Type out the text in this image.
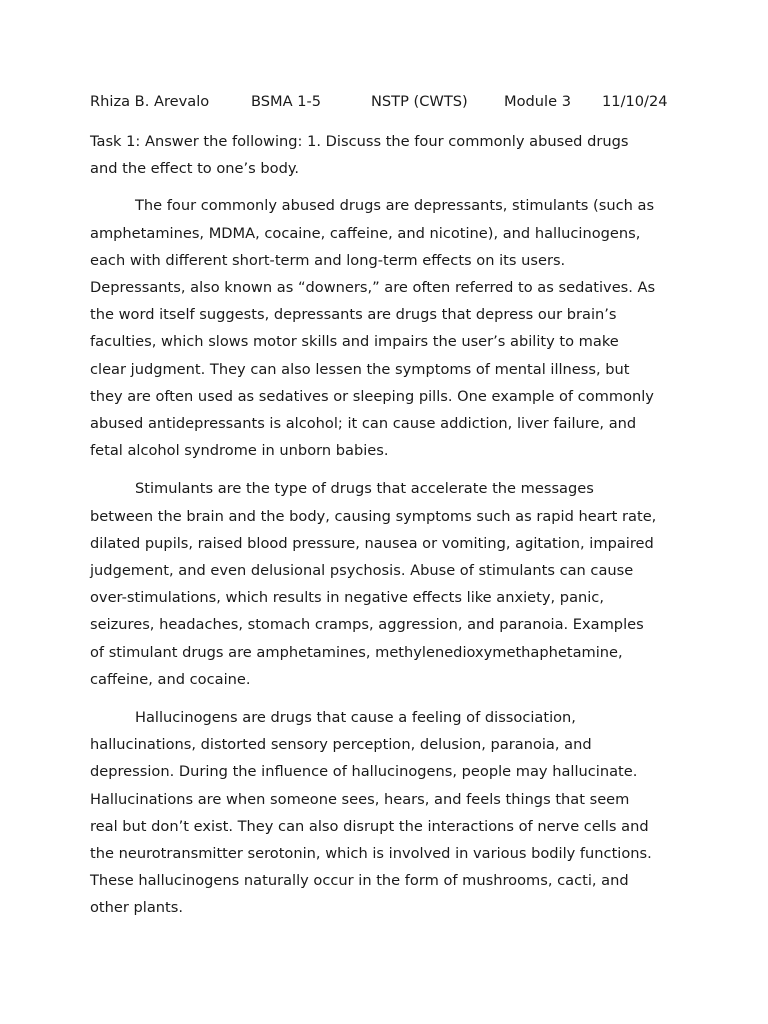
Rhiza B. Arevalo	BSMA 1-5	NSTP (CWTS) Module 3 11/10/24

Task 1: Answer the following: 1. Discuss the four commonly abused drugs
and the effect to one’s body.

The four commonly abused drugs are depressants, stimulants (such as
amphetamines, MDMA, cocaine, caffeine, and nicotine), and hallucinogens,
each with different short-term and long-term effects on its users.
Depressants, also known as “downers,” are often referred to as sedatives. As
the word itself suggests, depressants are drugs that depress our brain’s
faculties, which slows motor skills and impairs the user’s ability to make
clear judgment. They can also lessen the symptoms of mental illness, but
they are often used as sedatives or sleeping pills. One example of commonly
abused antidepressants is alcohol; it can cause addiction, liver failure, and
fetal alcohol syndrome in unborn babies.

Stimulants are the type of drugs that accelerate the messages
between the brain and the body, causing symptoms such as rapid heart rate,
dilated pupils, raised blood pressure, nausea or vomiting, agitation, impaired
judgement, and even delusional psychosis. Abuse of stimulants can cause
over-stimulations, which results in negative effects like anxiety, panic,
seizures, headaches, stomach cramps, aggression, and paranoia. Examples
of stimulant drugs are amphetamines, methylenedioxymethaphetamine,
caffeine, and cocaine.

Hallucinogens are drugs that cause a feeling of dissociation,
hallucinations, distorted sensory perception, delusion, paranoia, and
depression. During the influence of hallucinogens, people may hallucinate.
Hallucinations are when someone sees, hears, and feels things that seem
real but don’t exist. They can also disrupt the interactions of nerve cells and
the neurotransmitter serotonin, which is involved in various bodily functions.
These hallucinogens naturally occur in the form of mushrooms, cacti, and
other plants.
